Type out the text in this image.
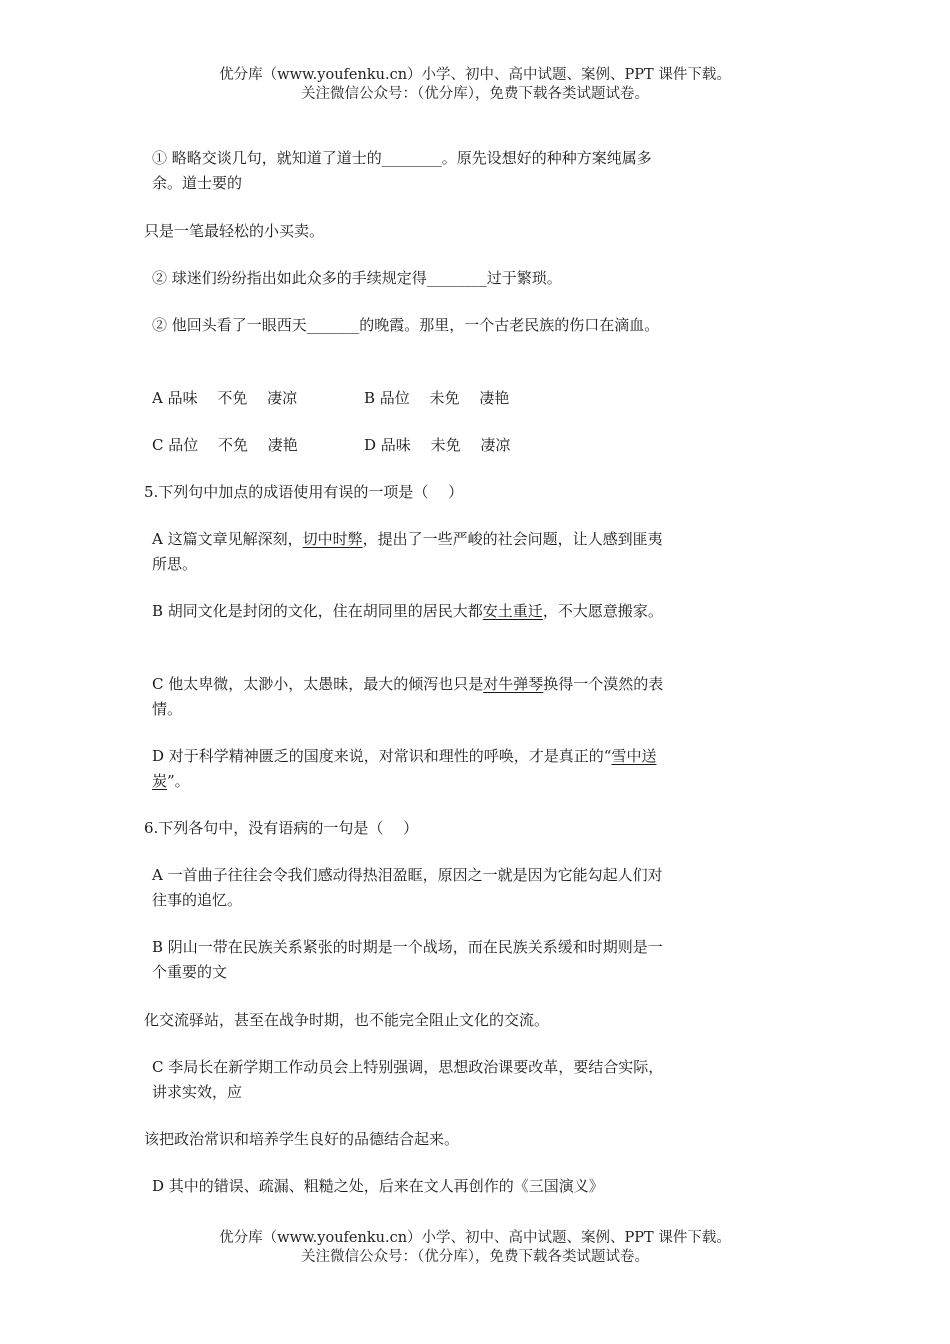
优分库（www.youfenku.cn）小学、初中、高中试题、案例、PPT 课件下载。
关注微信公众号：（优分库），免费下载各类试题试卷。

① 略略交谈几句，就知道了道士的________。原先设想好的种种方案纯属多余。道士要的

只是一笔最轻松的小买卖。

② 球迷们纷纷指出如此众多的手续规定得________过于繁琐。

② 他回头看了一眼西天_______的晚霞。那里，一个古老民族的伤口在滴血。

A 品味　 不免　 凄凉	B 品位　 未免　 凄艳
C 品位　 不免　 凄艳	D 品味　 未免　 凄凉

5.下列句中加点的成语使用有误的一项是（　 ）

A 这篇文章见解深刻，切中时弊，提出了一些严峻的社会问题，让人感到匪夷所思。

B 胡同文化是封闭的文化，住在胡同里的居民大都安土重迁，不大愿意搬家。

C 他太卑微，太渺小，太愚昧，最大的倾泻也只是对牛弹琴换得一个漠然的表情。

D 对于科学精神匮乏的国度来说，对常识和理性的呼唤，才是真正的“雪中送炭”。

6.下列各句中，没有语病的一句是（　 ）

A 一首曲子往往会令我们感动得热泪盈眶，原因之一就是因为它能勾起人们对往事的追忆。

B 阴山一带在民族关系紧张的时期是一个战场，而在民族关系缓和时期则是一个重要的文

化交流驿站，甚至在战争时期，也不能完全阻止文化的交流。

C 李局长在新学期工作动员会上特别强调，思想政治课要改革，要结合实际，讲求实效，应

该把政治常识和培养学生良好的品德结合起来。

D 其中的错误、疏漏、粗糙之处，后来在文人再创作的《三国演义》

优分库（www.youfenku.cn）小学、初中、高中试题、案例、PPT 课件下载。
关注微信公众号：（优分库），免费下载各类试题试卷。
